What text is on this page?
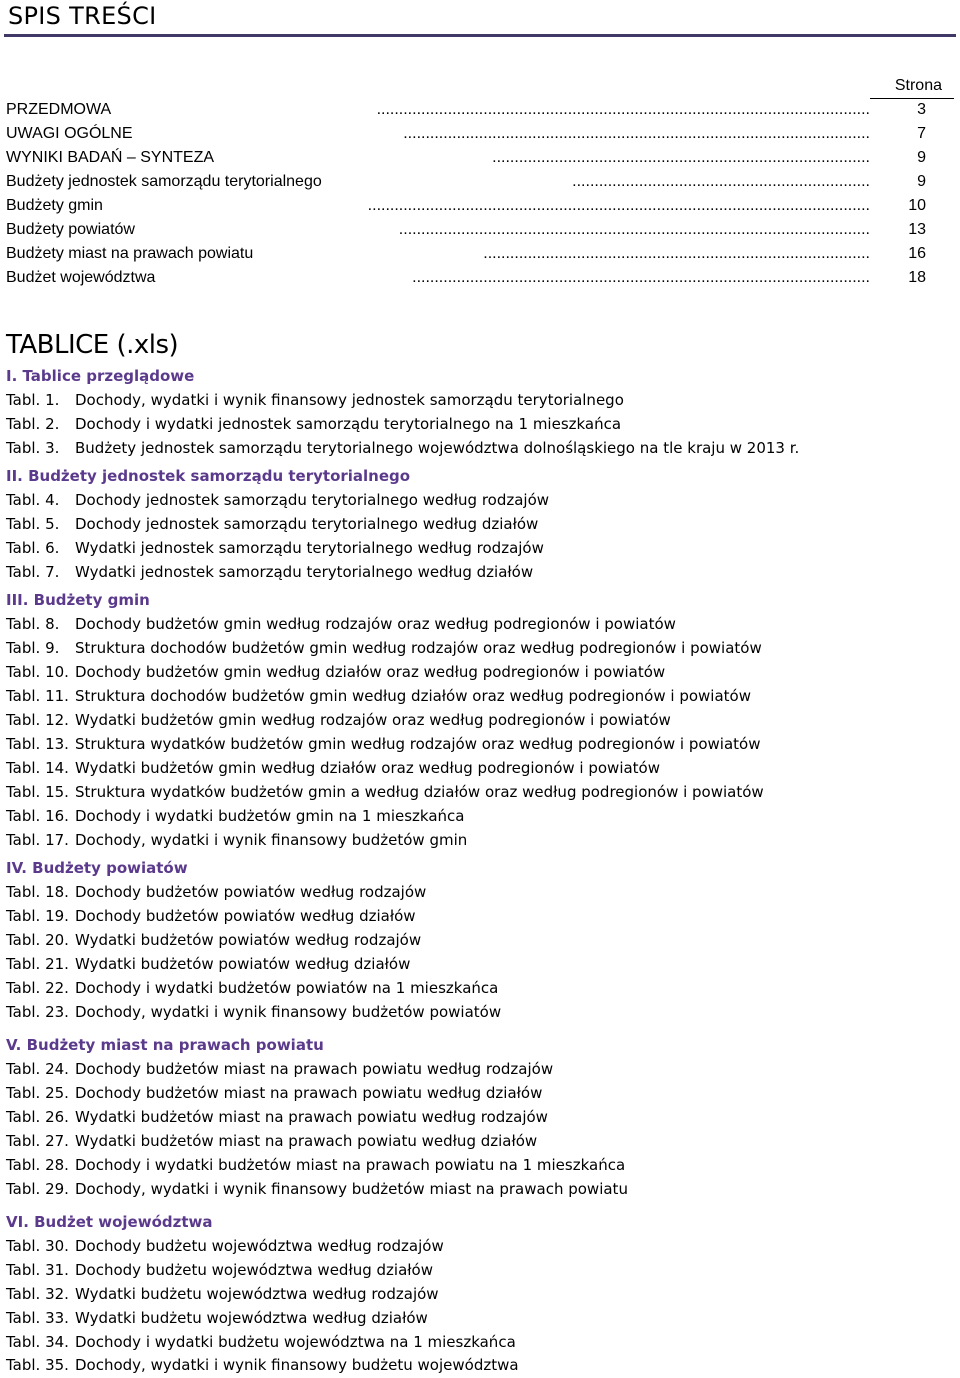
SPIS TREŚCI
Strona
PRZEDMOWA	...............................................................................................................	3
UWAGI OGÓLNE	.........................................................................................................	7
WYNIKI BADAŃ – SYNTEZA	.....................................................................................	9
Budżety jednostek samorządu terytorialnego	...................................................................	9
Budżety gmin	.................................................................................................................	10
Budżety powiatów	..........................................................................................................	13
Budżety miast na prawach powiatu	.......................................................................................	16
Budżet województwa	.......................................................................................................	18
TABLICE (.xls)
I. Tablice przeglądowe
Tabl. 1.	Dochody, wydatki i wynik finansowy jednostek samorządu terytorialnego
Tabl. 2.	Dochody i wydatki jednostek samorządu terytorialnego na 1 mieszkańca
Tabl. 3.	Budżety jednostek samorządu terytorialnego województwa dolnośląskiego na tle kraju w 2013 r.
II. Budżety jednostek samorządu terytorialnego
Tabl. 4.	Dochody jednostek samorządu terytorialnego według rodzajów
Tabl. 5.	Dochody jednostek samorządu terytorialnego według działów
Tabl. 6.	Wydatki jednostek samorządu terytorialnego według rodzajów
Tabl. 7.	Wydatki jednostek samorządu terytorialnego według działów
III. Budżety gmin
Tabl. 8.	Dochody budżetów gmin według rodzajów oraz według podregionów i powiatów
Tabl. 9.	Struktura dochodów budżetów gmin według rodzajów oraz według podregionów i powiatów
Tabl. 10. Dochody budżetów gmin według działów oraz według podregionów i powiatów
Tabl. 11. Struktura dochodów budżetów gmin według działów oraz według podregionów i powiatów
Tabl. 12. Wydatki budżetów gmin według rodzajów oraz według podregionów i powiatów
Tabl. 13. Struktura wydatków budżetów gmin według rodzajów oraz według podregionów i powiatów
Tabl. 14. Wydatki budżetów gmin według działów oraz według podregionów i powiatów
Tabl. 15. Struktura wydatków budżetów gmin a według działów oraz według podregionów i powiatów
Tabl. 16. Dochody i wydatki budżetów gmin na 1 mieszkańca
Tabl. 17. Dochody, wydatki i wynik finansowy budżetów gmin
IV. Budżety powiatów
Tabl. 18. Dochody budżetów powiatów według rodzajów
Tabl. 19. Dochody budżetów powiatów według działów
Tabl. 20. Wydatki budżetów powiatów według rodzajów
Tabl. 21. Wydatki budżetów powiatów według działów
Tabl. 22. Dochody i wydatki budżetów powiatów na 1 mieszkańca
Tabl. 23. Dochody, wydatki i wynik finansowy budżetów powiatów
V. Budżety miast na prawach powiatu
Tabl. 24. Dochody budżetów miast na prawach powiatu według rodzajów
Tabl. 25. Dochody budżetów miast na prawach powiatu według działów
Tabl. 26. Wydatki budżetów miast na prawach powiatu według rodzajów
Tabl. 27. Wydatki budżetów miast na prawach powiatu według działów
Tabl. 28. Dochody i wydatki budżetów miast na prawach powiatu na 1 mieszkańca
Tabl. 29. Dochody, wydatki i wynik finansowy budżetów miast na prawach powiatu
VI. Budżet województwa
Tabl. 30. Dochody budżetu województwa według rodzajów
Tabl. 31. Dochody budżetu województwa według działów
Tabl. 32. Wydatki budżetu województwa według rodzajów
Tabl. 33. Wydatki budżetu województwa według działów
Tabl. 34. Dochody i wydatki budżetu województwa na 1 mieszkańca
Tabl. 35. Dochody, wydatki i wynik finansowy budżetu województwa
